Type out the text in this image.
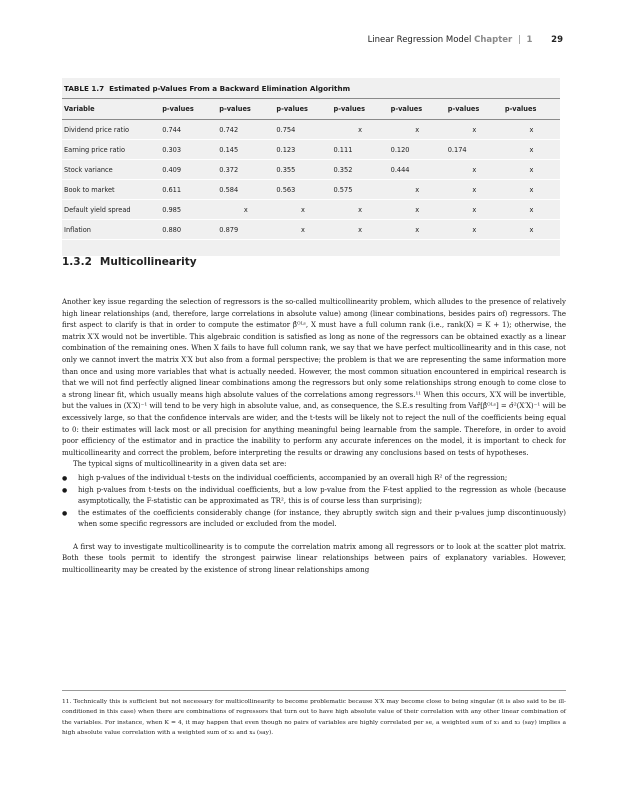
Linear Regression Model Chapter | 1 29
TABLE 1.7 Estimated p-Values From a Backward Elimination Algorithm
Variable	p-values	p-values	p-values	p-values	p-values	p-values	p-values
Dividend price ratio	0.744	0.742	0.754	x	x	x	x
Earning price ratio	0.303	0.145	0.123	0.111	0.120	0.174	x
Stock variance	0.409	0.372	0.355	0.352	0.444	x	x
Book to market	0.611	0.584	0.563	0.575	x	x	x
Default yield spread	0.985	x	x	x	x	x	x
Inflation	0.880	0.879	x	x	x	x	x
1.3.2 Multicollinearity

Another key issue regarding the selection of regressors is the so-called multicollinearity problem, which alludes to the presence of relatively high linear relationships (and, therefore, large correlations in absolute value) among (linear combinations, besides pairs of) regressors. The first aspect to clarify is that in order to compute the estimator β̂ᴼᴸˢ, X must have a full column rank (i.e., rank(X) = K + 1); otherwise, the matrix X′X would not be invertible. This algebraic condition is satisfied as long as none of the regressors can be obtained exactly as a linear combination of the remaining ones. When X fails to have full column rank, we say that we have perfect multicollinearity and in this case, not only we cannot invert the matrix X′X but also from a formal perspective; the problem is that we are representing the same information more than once and using more variables that what is actually needed. However, the most common situation encountered in empirical research is that we will not find perfectly aligned linear combinations among the regressors but only some relationships strong enough to come close to a strong linear fit, which usually means high absolute values of the correlations among regressors.¹¹ When this occurs, X′X will be invertible, but the values in (X′X)⁻¹ will tend to be very high in absolute value, and, as consequence, the S.E.s resulting from Var̂[β̂ᴼᴸˢ] = σ̂²(X′X)⁻¹ will be excessively large, so that the confidence intervals are wider, and the t-tests will be likely not to reject the null of the coefficients being equal to 0: their estimates will lack most or all precision for anything meaningful being learnable from the sample. Therefore, in order to avoid poor efficiency of the estimator and in practice the inability to perform any accurate inferences on the model, it is important to check for multicollinearity and correct the problem, before interpreting the results or drawing any conclusions based on tests of hypotheses.

The typical signs of multicollinearity in a given data set are:

● high p-values of the individual t-tests on the individual coefficients, accompanied by an overall high R² of the regression;
● high p-values from t-tests on the individual coefficients, but a low p-value from the F-test applied to the regression as whole (because asymptotically, the F-statistic can be approximated as TR², this is of course less than surprising);
● the estimates of the coefficients considerably change (for instance, they abruptly switch sign and their p-values jump discontinuously) when some specific regressors are included or excluded from the model.

A first way to investigate multicollinearity is to compute the correlation matrix among all regressors or to look at the scatter plot matrix. Both these tools permit to identify the strongest pairwise linear relationships between pairs of explanatory variables. However, multicollinearity may be created by the existence of strong linear relationships among

11. Technically this is sufficient but not necessary for multicollinearity to become problematic because X′X may become close to being singular (it is also said to be ill-conditioned in this case) when there are combinations of regressors that turn out to have high absolute value of their correlation with any other linear combination of the variables. For instance, when K = 4, it may happen that even though no pairs of variables are highly correlated per se, a weighted sum of x₁ and x₃ (say) implies a high absolute value correlation with a weighted sum of x₂ and x₄ (say).
